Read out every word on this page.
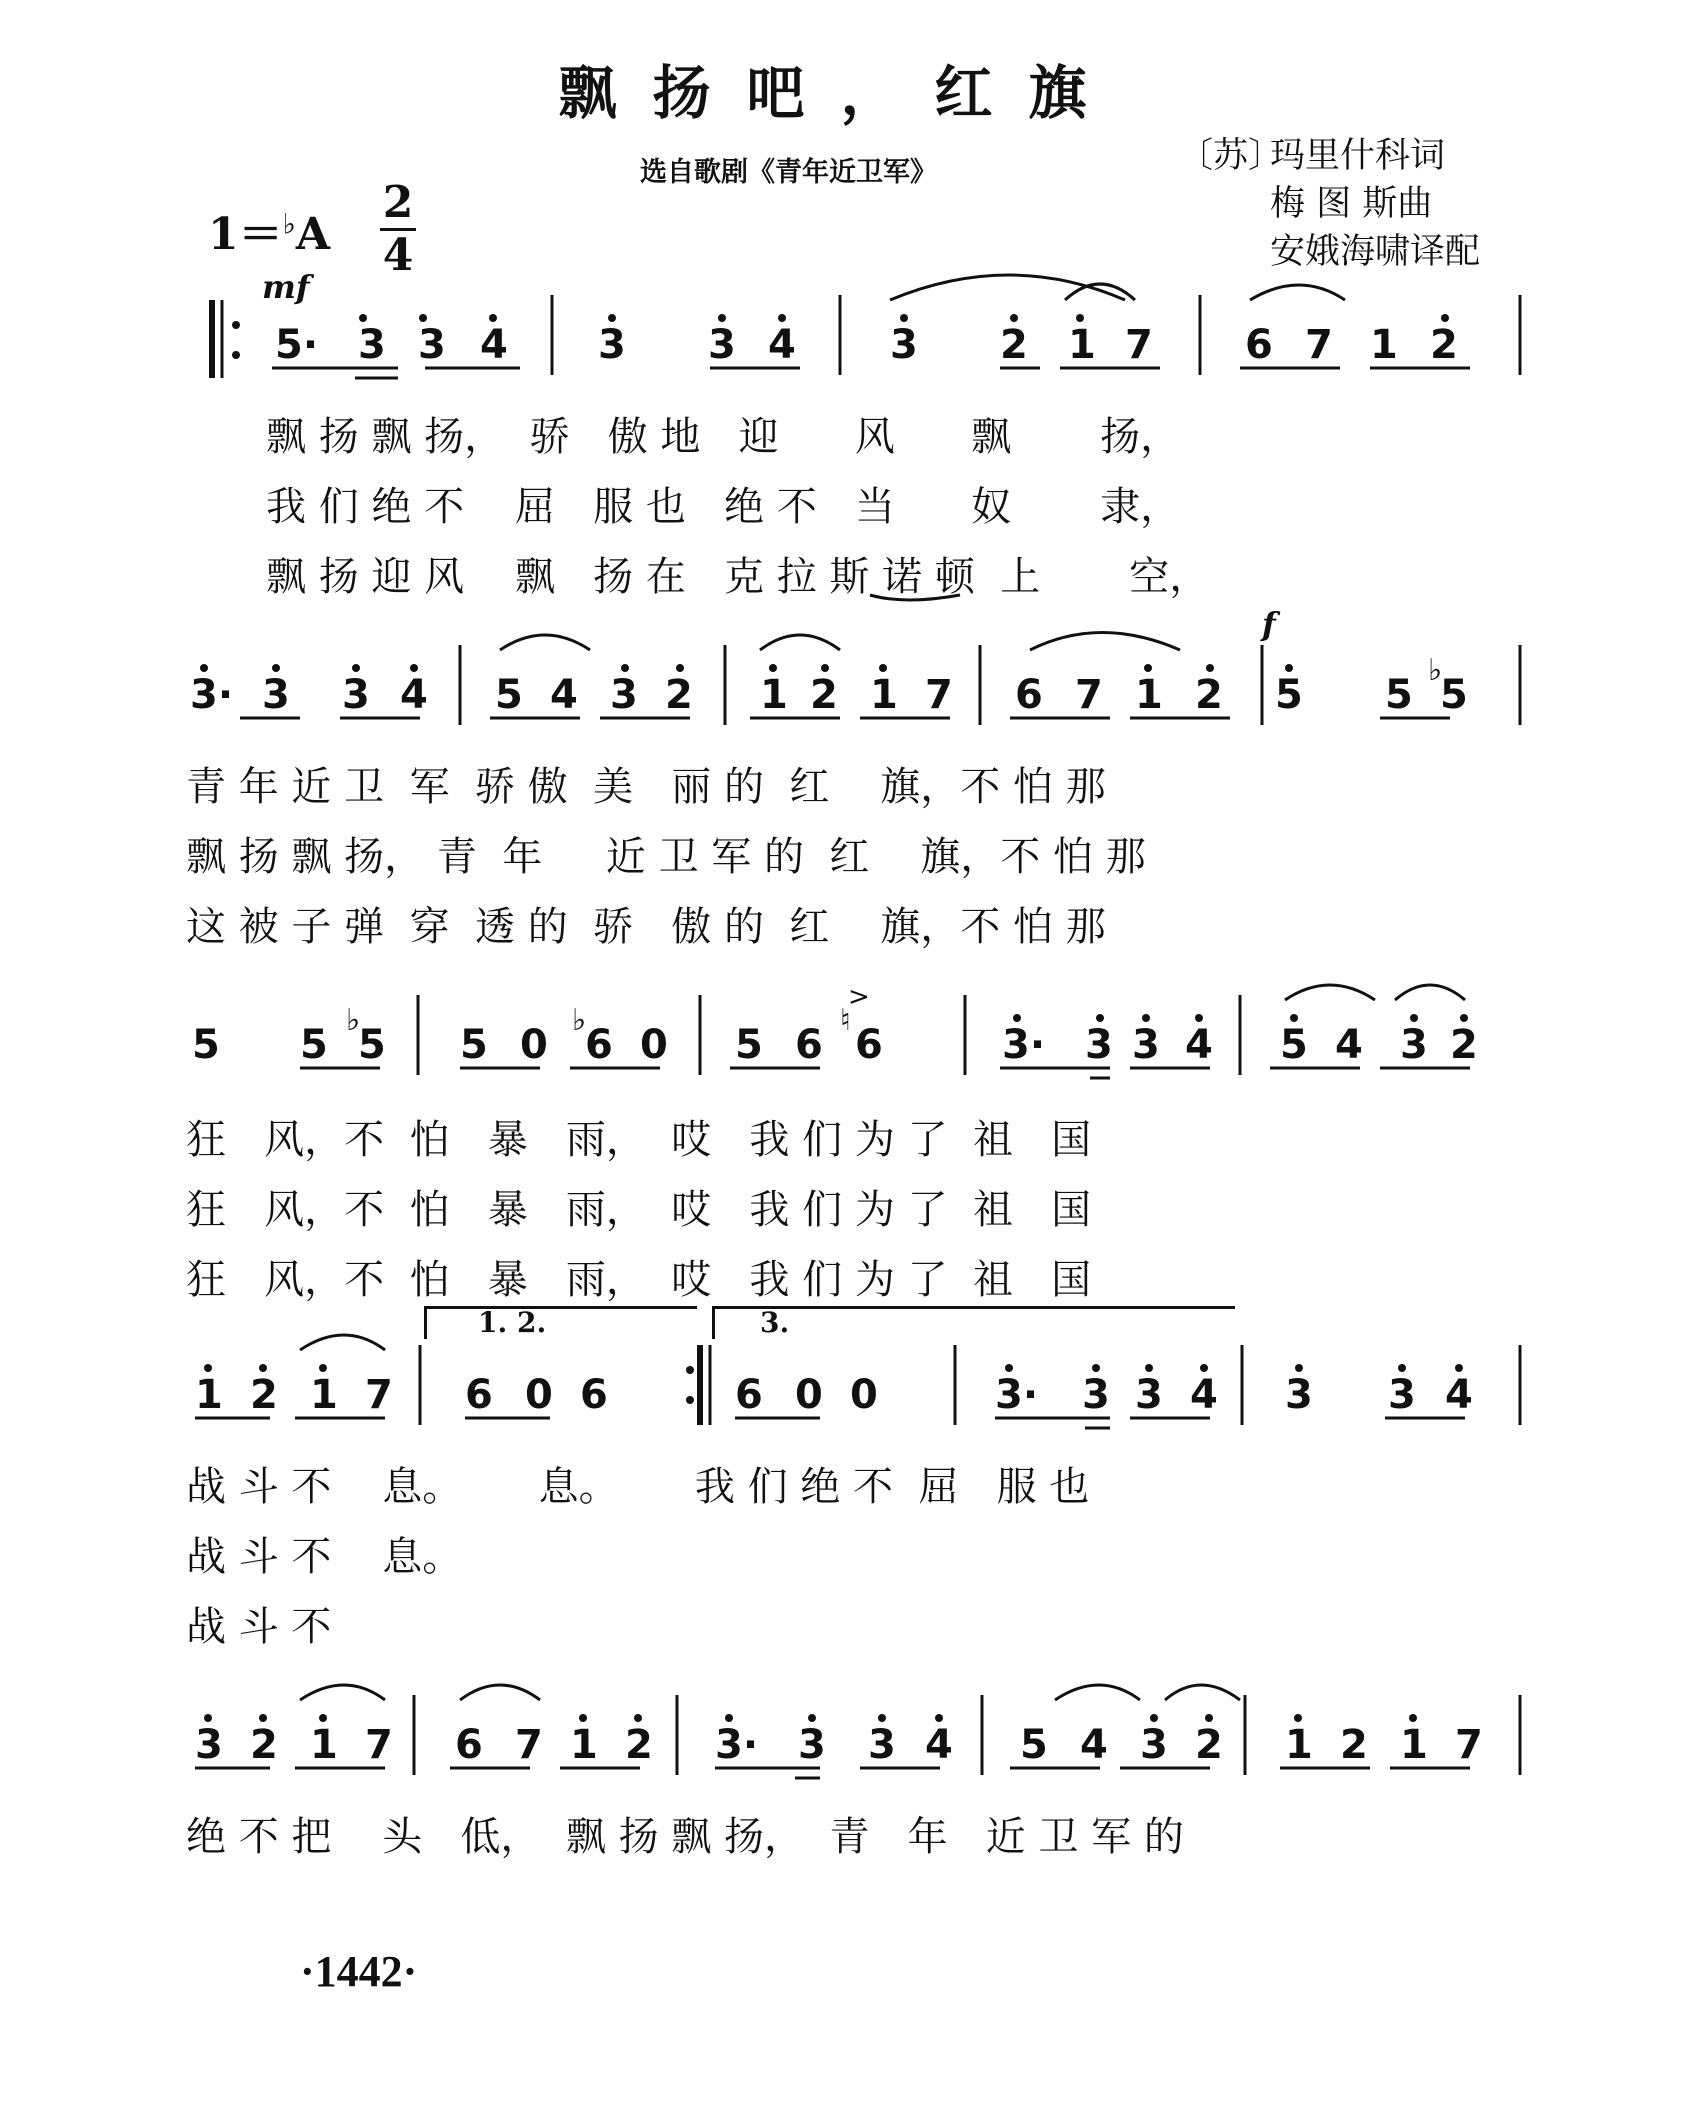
飘扬吧，红旗
选自歌剧《青年近卫军》	〔苏〕玛里什科词
梅 图 斯曲
安娥海啸译配
1＝♭A
2
4
mf
f
飘 扬 飘 扬，  骄   傲 地   迎      风      飘       扬，
我 们 绝 不    屈   服 也   绝 不   当      奴       隶，
飘 扬 迎 风    飘   扬 在   克 拉 斯 诺 顿  上       空，
青 年 近 卫  军  骄 傲  美   丽 的  红    旗，不 怕 那
飘 扬 飘 扬， 青  年     近 卫 军 的  红    旗，不 怕 那
这 被 子 弹  穿  透 的  骄   傲 的  红    旗，不 怕 那
狂   风，不  怕   暴   雨，  哎   我 们 为 了  祖   国
狂   风，不  怕   暴   雨，  哎   我 们 为 了  祖   国
狂   风，不  怕   暴   雨，  哎   我 们 为 了  祖   国
战 斗 不    息。      息。      我 们 绝 不  屈   服 也
战 斗 不    息。
战 斗 不
绝 不 把    头   低，  飘 扬 飘 扬，  青   年   近 卫 军 的
1. 2.	3.
·1442·
5· 3 3 4 3 3 4 3 2 1 7 6 7 1 2
3· 3 3 4 5 4 3 2 1 2 1 7 6 7 1 2 5 5 5
5 5 5 5 0 6 0 5 6 6	3· 3 3 4 5 4 3 2
1 2 1 7 6 0 6	6 0 0	3· 3 3 4 3 3 4
3 2 1 7 6 7 1 2 3· 3 3 4 5 4 3 2 1 2 1 7
♭
♭	♭	♮
>
